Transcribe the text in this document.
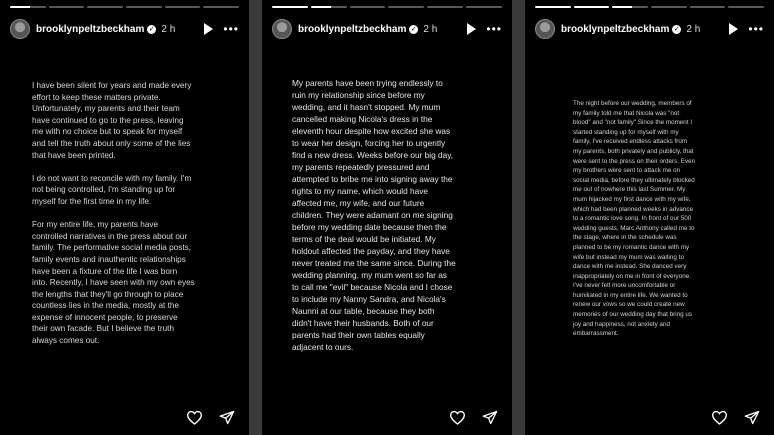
brooklynpeltzbeckham ✓ 2 h	•••
I have been silent for years and made every
effort to keep these matters private.
Unfortunately, my parents and their team
have continued to go to the press, leaving
me with no choice but to speak for myself
and tell the truth about only some of the lies
that have been printed.

I do not want to reconcile with my family. I'm
not being controlled, I'm standing up for
myself for the first time in my life.

For my entire life, my parents have
controlled narratives in the press about our
family. The performative social media posts,
family events and inauthentic relationships
have been a fixture of the life I was born
into. Recently, I have seen with my own eyes
the lengths that they'll go through to place
countless lies in the media, mostly at the
expense of innocent people, to preserve
their own facade. But I believe the truth
always comes out.
brooklynpeltzbeckham ✓ 2 h	•••
My parents have been trying endlessly to
ruin my relationship since before my
wedding, and it hasn't stopped. My mum
cancelled making Nicola's dress in the
eleventh hour despite how excited she was
to wear her design, forcing her to urgently
find a new dress. Weeks before our big day,
my parents repeatedly pressured and
attempted to bribe me into signing away the
rights to my name, which would have
affected me, my wife, and our future
children. They were adamant on me signing
before my wedding date because then the
terms of the deal would be initiated. My
holdout affected the payday, and they have
never treated me the same since. During the
wedding planning, my mum went so far as
to call me "evil" because Nicola and I chose
to include my Nanny Sandra, and Nicola's
Naunni at our table, because they both
didn't have their husbands. Both of our
parents had their own tables equally
adjacent to ours.
brooklynpeltzbeckham ✓ 2 h	•••
The night before our wedding, members of
my family told me that Nicola was "not
blood" and "not family" Since the moment I
started standing up for myself with my
family, I've received endless attacks from
my parents, both privately and publicly, that
were sent to the press on their orders. Even
my brothers were sent to attack me on
social media, before they ultimately blocked
me out of nowhere this last Summer. My
mum hijacked my first dance with my wife,
which had been planned weeks in advance
to a romantic love song. In front of our 500
wedding guests, Marc Anthony called me to
the stage, where in the schedule was
planned to be my romantic dance with my
wife but instead my mum was waiting to
dance with me instead. She danced very
inappropriately on me in front of everyone.
I've never felt more uncomfortable or
humiliated in my entire life. We wanted to
renew our vows so we could create new
memories of our wedding day that bring us
joy and happiness, not anxiety and
embarrassment.
